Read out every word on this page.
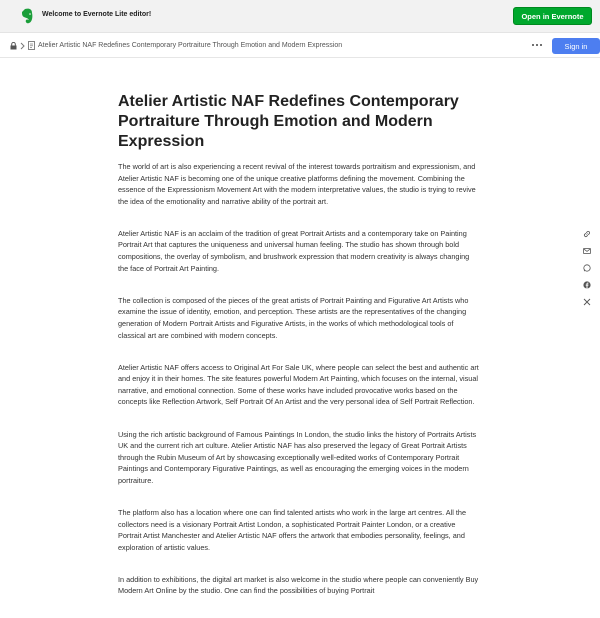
Welcome to Evernote Lite editor!	Open in Evernote
Atelier Artistic NAF Redefines Contemporary Portraiture Through Emotion and Modern Expression	Sign in
Atelier Artistic NAF Redefines Contemporary Portraiture Through Emotion and Modern Expression

The world of art is also experiencing a recent revival of the interest towards portraitism and expressionism, and Atelier Artistic NAF is becoming one of the unique creative platforms defining the movement. Combining the essence of the Expressionism Movement Art with the modern interpretative values, the studio is trying to revive the idea of the emotionality and narrative ability of the portrait art.

Atelier Artistic NAF is an acclaim of the tradition of great Portrait Artists and a contemporary take on Painting Portrait Art that captures the uniqueness and universal human feeling. The studio has shown through bold compositions, the overlay of symbolism, and brushwork expression that modern creativity is always changing the face of Portrait Art Painting.

The collection is composed of the pieces of the great artists of Portrait Painting and Figurative Art Artists who examine the issue of identity, emotion, and perception. These artists are the representatives of the changing generation of Modern Portrait Artists and Figurative Artists, in the works of which methodological tools of classical art are combined with modern concepts.

Atelier Artistic NAF offers access to Original Art For Sale UK, where people can select the best and authentic art and enjoy it in their homes. The site features powerful Modern Art Painting, which focuses on the internal, visual narrative, and emotional connection. Some of these works have included provocative works based on the concepts like Reflection Artwork, Self Portrait Of An Artist and the very personal idea of Self Portrait Reflection.

Using the rich artistic background of Famous Paintings In London, the studio links the history of Portraits Artists UK and the current rich art culture. Atelier Artistic NAF has also preserved the legacy of Great Portrait Artists through the Rubin Museum of Art by showcasing exceptionally well-edited works of Contemporary Portrait Paintings and Contemporary Figurative Paintings, as well as encouraging the emerging voices in the modern portraiture.

The platform also has a location where one can find talented artists who work in the large art centres. All the collectors need is a visionary Portrait Artist London, a sophisticated Portrait Painter London, or a creative Portrait Artist Manchester and Atelier Artistic NAF offers the artwork that embodies personality, feelings, and exploration of artistic values.

In addition to exhibitions, the digital art market is also welcome in the studio where people can conveniently Buy Modern Art Online by the studio. One can find the possibilities of buying Portrait
